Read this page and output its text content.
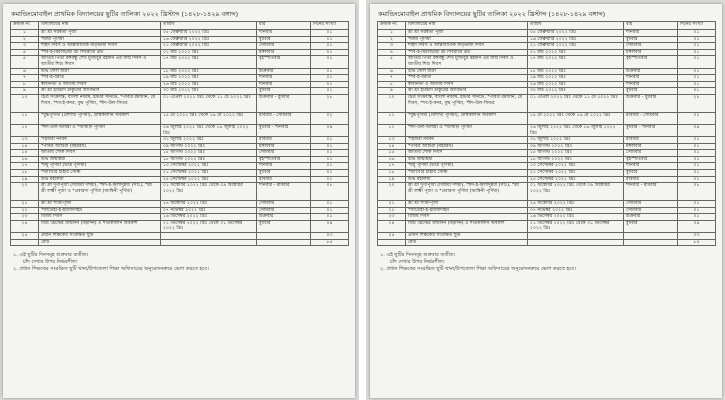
কমান্ডিংমোবাইল প্রাথমিক বিদ্যালয়ের ছুটির তালিকা ২০২২ খ্রিস্টাব্দ (১৪২৮-১৪২৯ বঙ্গাব্দ)
ক্রমিক নং	বিদ্যালয়ের নাম	তারিখ	বার	দিনের সংখ্যা
১	শ্রী শ্রী সরস্বতী পূজা	০৫ ফেব্রুয়ারি ২০২২ খ্রিঃ	শনিবার	০১
২	*মাঘী পূর্ণিমা	১৬ ফেব্রুয়ারি ২০২২ খ্রিঃ	বুধবার	০১
৩	শহিদ দিবস ও আন্তর্জাতিক মাতৃভাষা দিবস	২১ ফেব্রুয়ারি ২০২২ খ্রিঃ	সোমবার	০১
৪	*শব-ই-মিরাজ/শ্রী শ্রী শিবরাত্রি ব্রত	০১ মার্চ ২০২২ খ্রিঃ	মঙ্গলবার	০১
৫	জাতির পিতা বঙ্গবন্ধু শেখ মুজিবুর রহমান এর জন্ম দিবস ও জাতীয় শিশু দিবস	১৭ মার্চ ২০২২ খ্রিঃ	বৃহস্পতিবার	০১
৬	শুভ দোল যাত্রা	১৮ মার্চ ২০২২ খ্রিঃ	শুক্রবার	০১
৭	*শব-ই-বরাত	১৯ মার্চ ২০২২ খ্রিঃ	শনিবার	০১
৮	স্বাধীনতা ও জাতীয় দিবস	২৬ মার্চ ২০২২ খ্রিঃ	শনিবার	০১
৯	শ্রী শ্রী হরিচাঁদ ঠাকুরের আবির্ভাব	৩০ মার্চ ২০২২ খ্রিঃ	বুধবার	০১
১০	চৈত্র সংক্রান্তি, বাংলা নববর্ষ, ইস্টার সানডে, *পবিত্র রমজান, মে দিবস, *শব-ই-কদর, বুদ্ধ পূর্ণিমা, *ঈদ-উল-ফিতর	০১ এপ্রিল ২০২২ খ্রিঃ থেকে ১১ মে ২০২২ খ্রিঃ	শুক্রবার - বুধবার	২৮
১১	*বুদ্ধপূর্ণিমা (বৈশাখী পূর্ণিমা), গ্রীষ্মকালীন অবকাশ	১৫ মে ২০২২ খ্রিঃ থেকে ১৬ মে ২০২২ খ্রিঃ	রবিবার - সোমবার	০২
১২	*ঈদ-উল-আযহা ও *আষাঢ়ী পূর্ণিমা	০৬ জুলাই ২০২২ খ্রিঃ থেকে ১৬ জুলাই ২০২২ খ্রিঃ	বুধবার - শনিবার	০৯
১৩	*হিজরী নববর্ষ	৩১ জুলাই ২০২২ খ্রিঃ	রবিবার	০১
১৪	*পবিত্র আশুরা (মহররম)	০৯ আগস্ট ২০২২ খ্রিঃ	মঙ্গলবার	০১
১৫	জাতীয় শোক দিবস	১৫ আগস্ট ২০২২ খ্রিঃ	সোমবার	০১
১৬	শুভ জন্মাষ্টমী	১৮ আগস্ট ২০২২ খ্রিঃ	বৃহস্পতিবার	০১
১৭	*মধু পূর্ণিমা (ভাদ্র পূর্ণিমা)	১০ সেপ্টেম্বর ২০২২ খ্রিঃ	শনিবার	০১
১৮	*আখেরি চাহার সোম্বা	২১ সেপ্টেম্বর ২০২২ খ্রিঃ	বুধবার	০১
১৯	শুভ মহালয়া	২৫ সেপ্টেম্বর ২০২২ খ্রিঃ	রবিবার	০১
২০	শ্রী শ্রী দুর্গাপূজা (বিজয়া দশমী), *ঈদ-ই-মিলাদুন্নবী (সাঃ), *শ্রী শ্রী লক্ষ্মী পূজা ও *প্রবারণা পূর্ণিমা (আশ্বিনী পূর্ণিমা)	০১ অক্টোবর ২০২২ খ্রিঃ থেকে ০৯ অক্টোবর ২০২২ খ্রিঃ	শনিবার - রবিবার	০৮
২১	শ্রী শ্রী শ্যামাপূজা	২৪ অক্টোবর ২০২২ খ্রিঃ	সোমবার	০১
২২	*ফাতেহা-ই-ইয়াজদাহম	০৭ নভেম্বর ২০২২ খ্রিঃ	সোমবার	০১
২৩	বিজয় দিবস	১৬ ডিসেম্বর ২০২২ খ্রিঃ	শুক্রবার	০১
২৪	যিশু খ্রিস্টের জন্মদিন (বড়দিন) ও শীতকালীন অবকাশ	২১ ডিসেম্বর ২০২২ খ্রিঃ থেকে ৩১ ডিসেম্বর ২০২২ খ্রিঃ	বুধবার	০৯
২৫	প্রধান শিক্ষকের সংরক্ষিত ছুটি			০৩
	মোট			৮৫
১. এই ছুটির দিনসমূহ শুক্রবার ব্যতীত।
চাঁদ দেখার উপর নির্ভরশীল।
২. প্রধান শিক্ষকের সংরক্ষিত ছুটি থানা/উপজেলা শিক্ষা অফিসারের অনুমোদনক্রমে ভোগ করতে হবে।
কমান্ডিংমোবাইল প্রাথমিক বিদ্যালয়ের ছুটির তালিকা ২০২২ খ্রিস্টাব্দ (১৪২৮-১৪২৯ বঙ্গাব্দ)
ক্রমিক নং	বিদ্যালয়ের নাম	তারিখ	বার	দিনের সংখ্যা
১	শ্রী শ্রী সরস্বতী পূজা	০৫ ফেব্রুয়ারি ২০২২ খ্রিঃ	শনিবার	০১
২	*মাঘী পূর্ণিমা	১৬ ফেব্রুয়ারি ২০২২ খ্রিঃ	বুধবার	০১
৩	শহিদ দিবস ও আন্তর্জাতিক মাতৃভাষা দিবস	২১ ফেব্রুয়ারি ২০২২ খ্রিঃ	সোমবার	০১
৪	*শব-ই-মিরাজ/শ্রী শ্রী শিবরাত্রি ব্রত	০১ মার্চ ২০২২ খ্রিঃ	মঙ্গলবার	০১
৫	জাতির পিতা বঙ্গবন্ধু শেখ মুজিবুর রহমান এর জন্ম দিবস ও জাতীয় শিশু দিবস	১৭ মার্চ ২০২২ খ্রিঃ	বৃহস্পতিবার	০১
৬	শুভ দোল যাত্রা	১৮ মার্চ ২০২২ খ্রিঃ	শুক্রবার	০১
৭	*শব-ই-বরাত	১৯ মার্চ ২০২২ খ্রিঃ	শনিবার	০১
৮	স্বাধীনতা ও জাতীয় দিবস	২৬ মার্চ ২০২২ খ্রিঃ	শনিবার	০১
৯	শ্রী শ্রী হরিচাঁদ ঠাকুরের আবির্ভাব	৩০ মার্চ ২০২২ খ্রিঃ	বুধবার	০১
১০	চৈত্র সংক্রান্তি, বাংলা নববর্ষ, ইস্টার সানডে, *পবিত্র রমজান, মে দিবস, *শব-ই-কদর, বুদ্ধ পূর্ণিমা, *ঈদ-উল-ফিতর	০১ এপ্রিল ২০২২ খ্রিঃ থেকে ১১ মে ২০২২ খ্রিঃ	শুক্রবার - বুধবার	২৮
১১	*বুদ্ধপূর্ণিমা (বৈশাখী পূর্ণিমা), গ্রীষ্মকালীন অবকাশ	১৫ মে ২০২২ খ্রিঃ থেকে ১৬ মে ২০২২ খ্রিঃ	রবিবার - সোমবার	০২
১২	*ঈদ-উল-আযহা ও *আষাঢ়ী পূর্ণিমা	০৬ জুলাই ২০২২ খ্রিঃ থেকে ১৬ জুলাই ২০২২ খ্রিঃ	বুধবার - শনিবার	০৯
১৩	*হিজরী নববর্ষ	৩১ জুলাই ২০২২ খ্রিঃ	রবিবার	০১
১৪	*পবিত্র আশুরা (মহররম)	০৯ আগস্ট ২০২২ খ্রিঃ	মঙ্গলবার	০১
১৫	জাতীয় শোক দিবস	১৫ আগস্ট ২০২২ খ্রিঃ	সোমবার	০১
১৬	শুভ জন্মাষ্টমী	১৮ আগস্ট ২০২২ খ্রিঃ	বৃহস্পতিবার	০১
১৭	*মধু পূর্ণিমা (ভাদ্র পূর্ণিমা)	১০ সেপ্টেম্বর ২০২২ খ্রিঃ	শনিবার	০১
১৮	*আখেরি চাহার সোম্বা	২১ সেপ্টেম্বর ২০২২ খ্রিঃ	বুধবার	০১
১৯	শুভ মহালয়া	২৫ সেপ্টেম্বর ২০২২ খ্রিঃ	রবিবার	০১
২০	শ্রী শ্রী দুর্গাপূজা (বিজয়া দশমী), *ঈদ-ই-মিলাদুন্নবী (সাঃ), *শ্রী শ্রী লক্ষ্মী পূজা ও *প্রবারণা পূর্ণিমা (আশ্বিনী পূর্ণিমা)	০১ অক্টোবর ২০২২ খ্রিঃ থেকে ০৯ অক্টোবর ২০২২ খ্রিঃ	শনিবার - রবিবার	০৮
২১	শ্রী শ্রী শ্যামাপূজা	২৪ অক্টোবর ২০২২ খ্রিঃ	সোমবার	০১
২২	*ফাতেহা-ই-ইয়াজদাহম	০৭ নভেম্বর ২০২২ খ্রিঃ	সোমবার	০১
২৩	বিজয় দিবস	১৬ ডিসেম্বর ২০২২ খ্রিঃ	শুক্রবার	০১
২৪	যিশু খ্রিস্টের জন্মদিন (বড়দিন) ও শীতকালীন অবকাশ	২১ ডিসেম্বর ২০২২ খ্রিঃ থেকে ৩১ ডিসেম্বর ২০২২ খ্রিঃ	বুধবার	০৯
২৫	প্রধান শিক্ষকের সংরক্ষিত ছুটি			০৩
	মোট			৮৫
১. এই ছুটির দিনসমূহ শুক্রবার ব্যতীত।
চাঁদ দেখার উপর নির্ভরশীল।
২. প্রধান শিক্ষকের সংরক্ষিত ছুটি থানা/উপজেলা শিক্ষা অফিসারের অনুমোদনক্রমে ভোগ করতে হবে।
